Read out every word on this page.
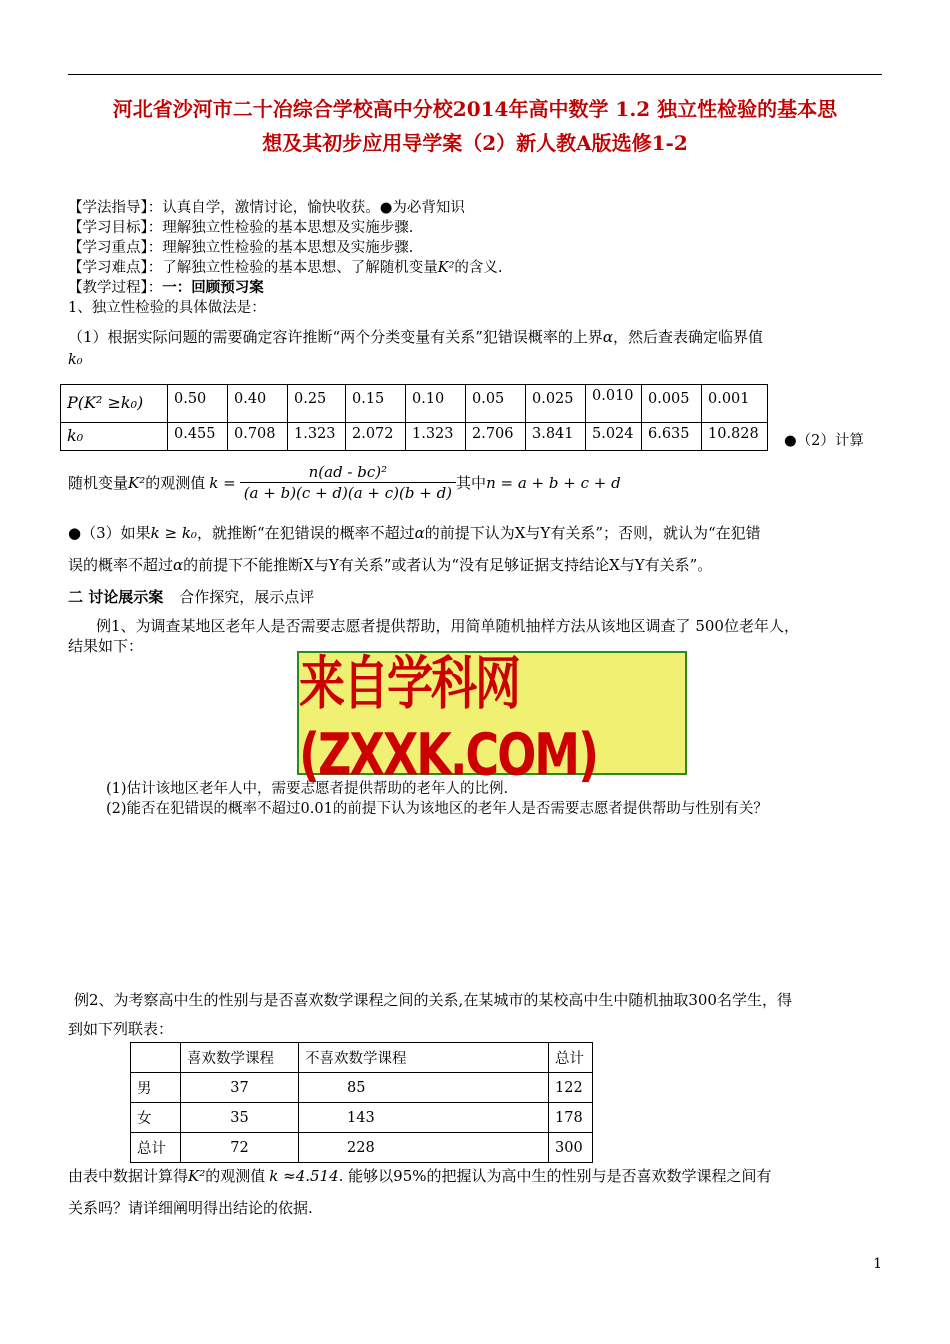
河北省沙河市二十冶综合学校高中分校2014年高中数学 1.2 独立性检验的基本思
想及其初步应用导学案（2）新人教A版选修1-2
【学法指导】：认真自学，激情讨论，愉快收获。●为必背知识
【学习目标】：理解独立性检验的基本思想及实施步骤.
【学习重点】：理解独立性检验的基本思想及实施步骤.
【学习难点】：了解独立性检验的基本思想、了解随机变量K²的含义.
【教学过程】：一：回顾预习案
1、独立性检验的具体做法是：
（1）根据实际问题的需要确定容许推断“两个分类变量有关系”犯错误概率的上界α，然后查表确定临界值
k₀
P(K² ≥k₀)	0.50	0.40	0.25	0.15	0.10	0.05	0.025	0.010	0.005	0.001
k₀	0.455	0.708	1.323	2.072	1.323	2.706	3.841	5.024	6.635	10.828 ●（2）计算
随机变量 K² 的观测值 $k = \frac{\text{n(ad - bc)²}}{(a + b)(c + d)(a + c)(b + d)}$ 其中 n = a + b + c + d
●（3）如果k ≥ k₀，就推断“在犯错误的概率不超过α的前提下认为X与Y有关系”；否则，就认为“在犯错
误的概率不超过α的前提下不能推断X与Y有关系”或者认为“没有足够证据支持结论X与Y有关系”。
二 讨论展示案 合作探究，展示点评
例1、为调查某地区老年人是否需要志愿者提供帮助，用简单随机抽样方法从该地区调查了 500位老年人，
结果如下：
来自学科网(ZXXK.COM)
(1)估计该地区老年人中，需要志愿者提供帮助的老年人的比例.
(2)能否在犯错误的概率不超过0.01的前提下认为该地区的老年人是否需要志愿者提供帮助与性别有关？
例2、为考察高中生的性别与是否喜欢数学课程之间的关系,在某城市的某校高中生中随机抽取300名学生，得
到如下列联表：
	喜欢数学课程	不喜欢数学课程	总计
男	37	85	122
女	35	143	178
总计	72	228	300
由表中数据计算得K²的观测值 k ≈4.514. 能够以95%的把握认为高中生的性别与是否喜欢数学课程之间有
关系吗？请详细阐明得出结论的依据.
1
